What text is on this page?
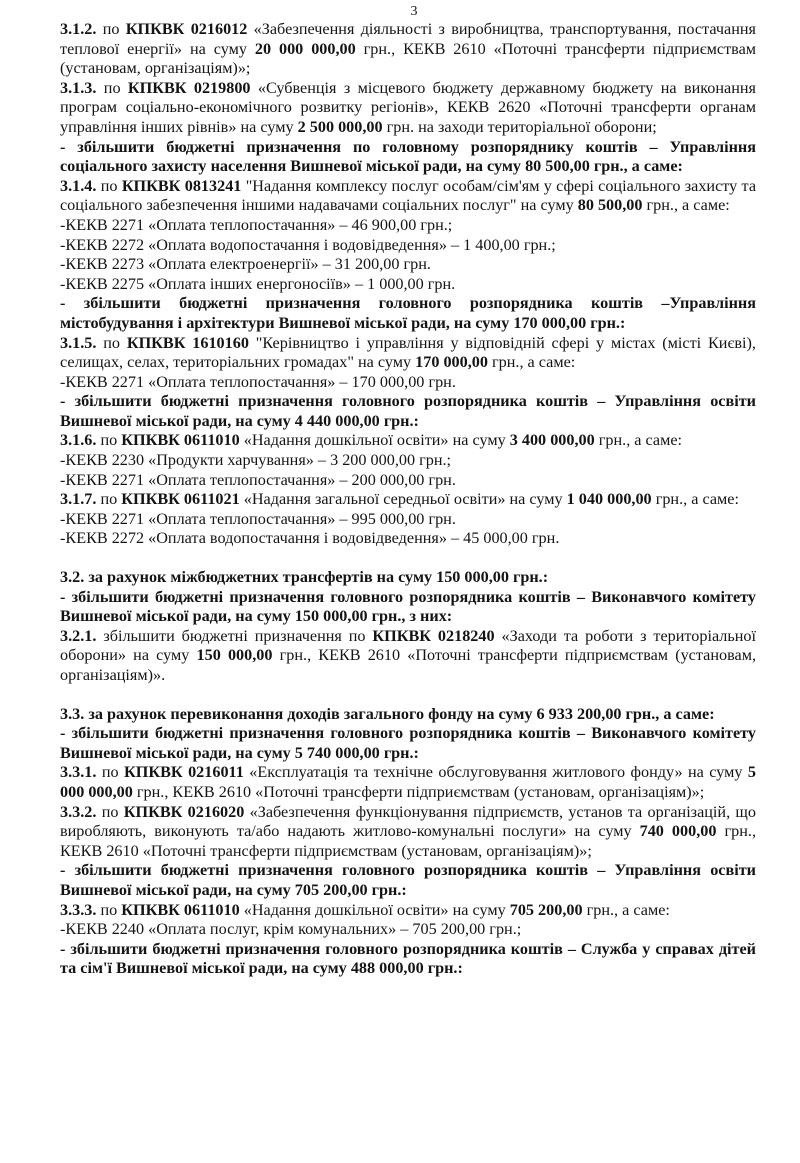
3

3.1.2. по КПКВК 0216012 «Забезпечення діяльності з виробництва, транспортування, постачання теплової енергії» на суму 20 000 000,00 грн., КЕКВ 2610 «Поточні трансферти підприємствам (установам, організаціям)»;

3.1.3. по КПКВК 0219800 «Субвенція з місцевого бюджету державному бюджету на виконання програм соціально-економічного розвитку регіонів», КЕКВ 2620 «Поточні трансферти органам управління інших рівнів» на суму 2 500 000,00 грн. на заходи територіальної оборони;

- збільшити бюджетні призначення по головному розпоряднику коштів – Управління соціального захисту населення Вишневої міської ради, на суму 80 500,00 грн., а саме:

3.1.4. по КПКВК 0813241 "Надання комплексу послуг особам/сім'ям у сфері соціального захисту та соціального забезпечення іншими надавачами соціальних послуг" на суму 80 500,00 грн., а саме:

-КЕКВ 2271 «Оплата теплопостачання» – 46 900,00 грн.;

-КЕКВ 2272 «Оплата водопостачання і водовідведення» – 1 400,00 грн.;

-КЕКВ 2273 «Оплата електроенергії» – 31 200,00 грн.

-КЕКВ 2275 «Оплата інших енергоносіїв» – 1 000,00 грн.

- збільшити бюджетні призначення головного розпорядника коштів –Управління містобудування і архітектури Вишневої міської ради, на суму 170 000,00 грн.:

3.1.5. по КПКВК 1610160 "Керівництво і управління у відповідній сфері у містах (місті Києві), селищах, селах, територіальних громадах" на суму 170 000,00 грн., а саме:

-КЕКВ 2271 «Оплата теплопостачання» – 170 000,00 грн.

- збільшити бюджетні призначення головного розпорядника коштів – Управління освіти Вишневої міської ради, на суму 4 440 000,00 грн.:

3.1.6. по КПКВК 0611010 «Надання дошкільної освіти» на суму 3 400 000,00 грн., а саме:

-КЕКВ 2230 «Продукти харчування» – 3 200 000,00 грн.;

-КЕКВ 2271 «Оплата теплопостачання» – 200 000,00 грн.

3.1.7. по КПКВК 0611021 «Надання загальної середньої освіти» на суму 1 040 000,00 грн., а саме:

-КЕКВ 2271 «Оплата теплопостачання» – 995 000,00 грн.

-КЕКВ 2272 «Оплата водопостачання і водовідведення» – 45 000,00 грн.

3.2. за рахунок міжбюджетних трансфертів на суму 150 000,00 грн.:

- збільшити бюджетні призначення головного розпорядника коштів – Виконавчого комітету Вишневої міської ради, на суму 150 000,00 грн., з них:

3.2.1. збільшити бюджетні призначення по КПКВК 0218240 «Заходи та роботи з територіальної оборони» на суму 150 000,00 грн., КЕКВ 2610 «Поточні трансферти підприємствам (установам, організаціям)».

3.3. за рахунок перевиконання доходів загального фонду на суму 6 933 200,00 грн., а саме:

- збільшити бюджетні призначення головного розпорядника коштів – Виконавчого комітету Вишневої міської ради, на суму 5 740 000,00 грн.:

3.3.1. по КПКВК 0216011 «Експлуатація та технічне обслуговування житлового фонду» на суму 5 000 000,00 грн., КЕКВ 2610 «Поточні трансферти підприємствам (установам, організаціям)»;

3.3.2. по КПКВК 0216020 «Забезпечення функціонування підприємств, установ та організацій, що виробляють, виконують та/або надають житлово-комунальні послуги» на суму 740 000,00 грн., КЕКВ 2610 «Поточні трансферти підприємствам (установам, організаціям)»;

- збільшити бюджетні призначення головного розпорядника коштів – Управління освіти Вишневої міської ради, на суму 705 200,00 грн.:

3.3.3. по КПКВК 0611010 «Надання дошкільної освіти» на суму 705 200,00 грн., а саме:

-КЕКВ 2240 «Оплата послуг, крім комунальних» – 705 200,00 грн.;

- збільшити бюджетні призначення головного розпорядника коштів – Служба у справах дітей та сім'ї Вишневої міської ради, на суму 488 000,00 грн.:
